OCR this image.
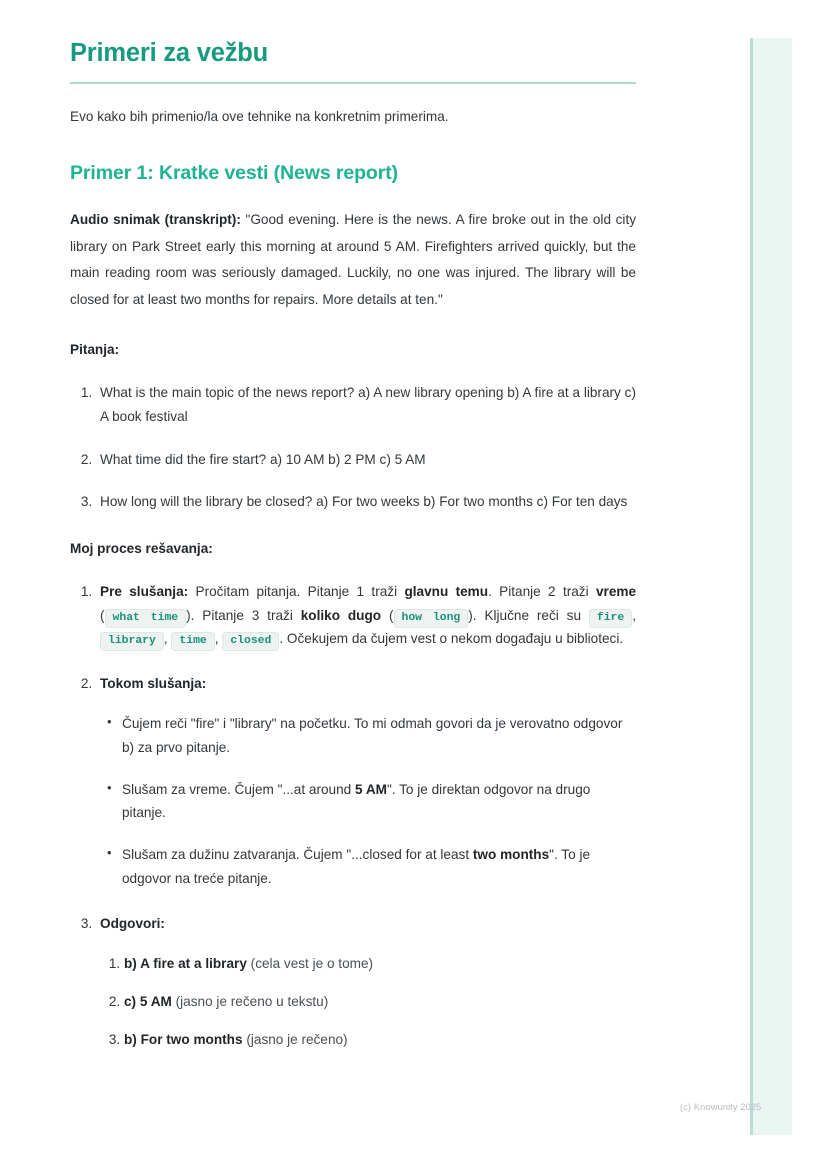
Primeri za vežbu

Evo kako bih primenio/la ove tehnike na konkretnim primerima.

Primer 1: Kratke vesti (News report)

Audio snimak (transkript): "Good evening. Here is the news. A fire broke out in the old city library on Park Street early this morning at around 5 AM. Firefighters arrived quickly, but the main reading room was seriously damaged. Luckily, no one was injured. The library will be closed for at least two months for repairs. More details at ten."

Pitanja:

1. What is the main topic of the news report? a) A new library opening b) A fire at a library c) A book festival
2. What time did the fire start? a) 10 AM b) 2 PM c) 5 AM
3. How long will the library be closed? a) For two weeks b) For two months c) For ten days

Moj proces rešavanja:

1. Pre slušanja: Pročitam pitanja. Pitanje 1 traži glavnu temu. Pitanje 2 traži vreme ( what time ). Pitanje 3 traži koliko dugo ( how long ). Ključne reči su fire , library , time , closed . Očekujem da čujem vest o nekom događaju u biblioteci.
2. Tokom slušanja:
• Čujem reči "fire" i "library" na početku. To mi odmah govori da je verovatno odgovor b) za prvo pitanje.
• Slušam za vreme. Čujem "...at around 5 AM". To je direktan odgovor na drugo pitanje.
• Slušam za dužinu zatvaranja. Čujem "...closed for at least two months". To je odgovor na treće pitanje.
3. Odgovori:
1. b) A fire at a library (cela vest je o tome)
2. c) 5 AM (jasno je rečeno u tekstu)
3. b) For two months (jasno je rečeno)
(c) Knowunity 2025
